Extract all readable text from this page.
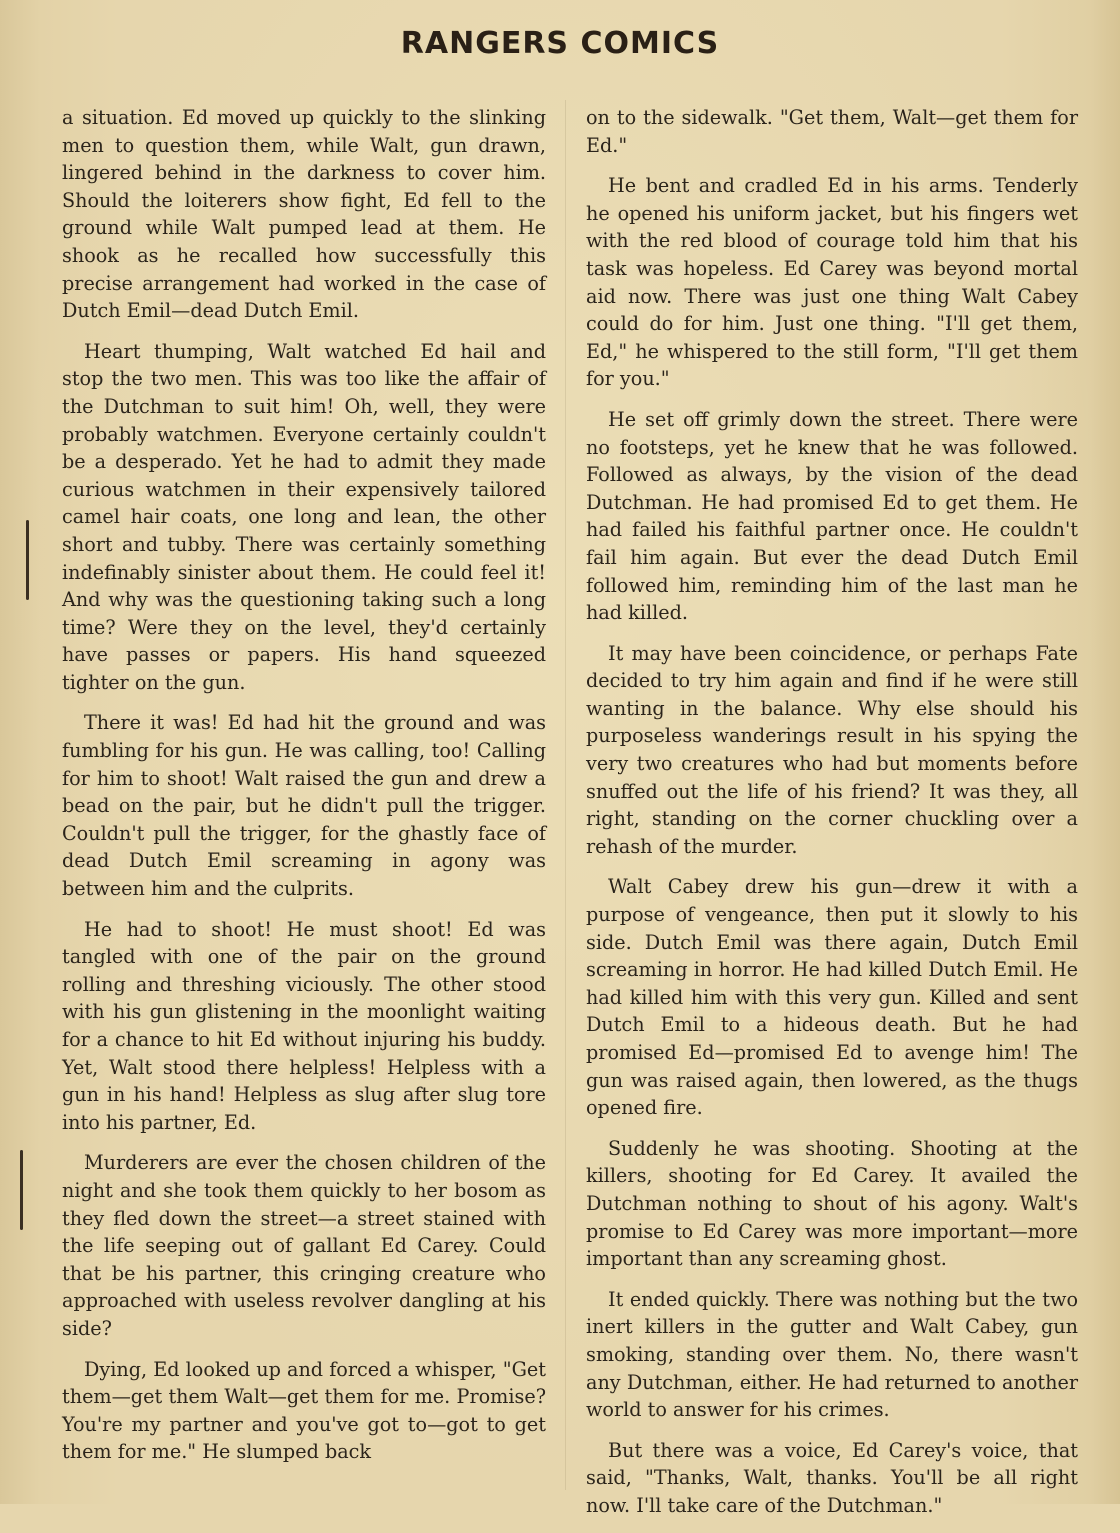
RANGERS COMICS

a situation. Ed moved up quickly to the slinking men to question them, while Walt, gun drawn, lingered behind in the darkness to cover him. Should the loiterers show fight, Ed fell to the ground while Walt pumped lead at them. He shook as he recalled how successfully this precise arrangement had worked in the case of Dutch Emil—dead Dutch Emil.

Heart thumping, Walt watched Ed hail and stop the two men. This was too like the affair of the Dutchman to suit him! Oh, well, they were probably watchmen. Everyone certainly couldn't be a desperado. Yet he had to admit they made curious watchmen in their expensively tailored camel hair coats, one long and lean, the other short and tubby. There was certainly something indefinably sinister about them. He could feel it! And why was the questioning taking such a long time? Were they on the level, they'd certainly have passes or papers. His hand squeezed tighter on the gun.

There it was! Ed had hit the ground and was fumbling for his gun. He was calling, too! Calling for him to shoot! Walt raised the gun and drew a bead on the pair, but he didn't pull the trigger. Couldn't pull the trigger, for the ghastly face of dead Dutch Emil screaming in agony was between him and the culprits.

He had to shoot! He must shoot! Ed was tangled with one of the pair on the ground rolling and threshing viciously. The other stood with his gun glistening in the moonlight waiting for a chance to hit Ed without injuring his buddy. Yet, Walt stood there helpless! Helpless with a gun in his hand! Helpless as slug after slug tore into his partner, Ed.

Murderers are ever the chosen children of the night and she took them quickly to her bosom as they fled down the street—a street stained with the life seeping out of gallant Ed Carey. Could that be his partner, this cringing creature who approached with useless revolver dangling at his side?

Dying, Ed looked up and forced a whisper, "Get them—get them Walt—get them for me. Promise? You're my partner and you've got to—got to get them for me." He slumped back

on to the sidewalk. "Get them, Walt—get them for Ed."

He bent and cradled Ed in his arms. Tenderly he opened his uniform jacket, but his fingers wet with the red blood of courage told him that his task was hopeless. Ed Carey was beyond mortal aid now. There was just one thing Walt Cabey could do for him. Just one thing. "I'll get them, Ed," he whispered to the still form, "I'll get them for you."

He set off grimly down the street. There were no footsteps, yet he knew that he was followed. Followed as always, by the vision of the dead Dutchman. He had promised Ed to get them. He had failed his faithful partner once. He couldn't fail him again. But ever the dead Dutch Emil followed him, reminding him of the last man he had killed.

It may have been coincidence, or perhaps Fate decided to try him again and find if he were still wanting in the balance. Why else should his purposeless wanderings result in his spying the very two creatures who had but moments before snuffed out the life of his friend? It was they, all right, standing on the corner chuckling over a rehash of the murder.

Walt Cabey drew his gun—drew it with a purpose of vengeance, then put it slowly to his side. Dutch Emil was there again, Dutch Emil screaming in horror. He had killed Dutch Emil. He had killed him with this very gun. Killed and sent Dutch Emil to a hideous death. But he had promised Ed—promised Ed to avenge him! The gun was raised again, then lowered, as the thugs opened fire.

Suddenly he was shooting. Shooting at the killers, shooting for Ed Carey. It availed the Dutchman nothing to shout of his agony. Walt's promise to Ed Carey was more important—more important than any screaming ghost.

It ended quickly. There was nothing but the two inert killers in the gutter and Walt Cabey, gun smoking, standing over them. No, there wasn't any Dutchman, either. He had returned to another world to answer for his crimes.

But there was a voice, Ed Carey's voice, that said, "Thanks, Walt, thanks. You'll be all right now. I'll take care of the Dutchman."
